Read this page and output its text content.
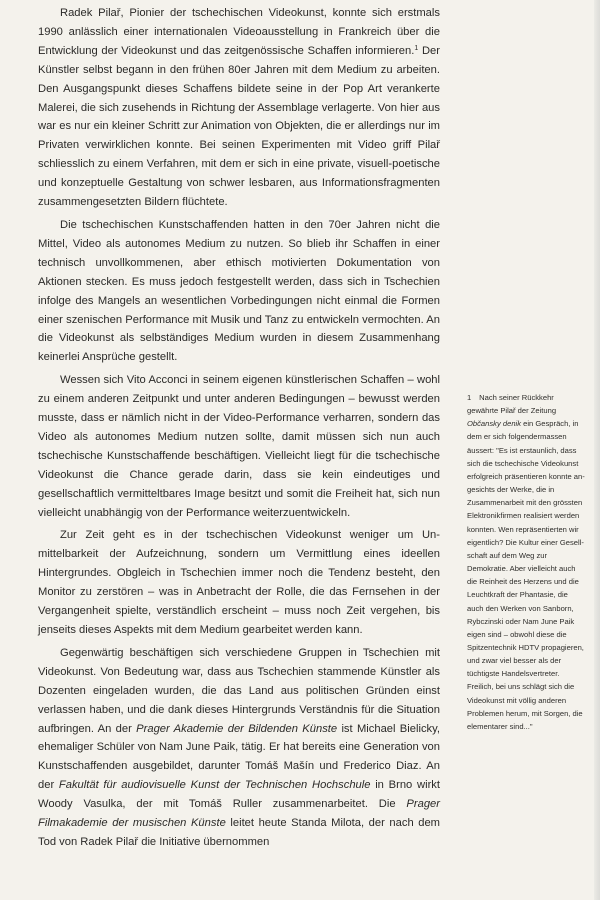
Radek Pilař, Pionier der tschechischen Videokunst, konnte sich erstmals 1990 anlässlich einer internationalen Videoausstellung in Frankreich über die Entwicklung der Videokunst und das zeitgenössische Schaffen informieren.$^1$ Der Künstler selbst begann in den frühen 80er Jahren mit dem Medium zu arbeiten. Den Ausgangspunkt dieses Schaffens bildete seine in der Pop Art verankerte Malerei, die sich zusehends in Richtung der Assemblage verlagerte. Von hier aus war es nur ein kleiner Schritt zur Animation von Objekten, die er allerdings nur im Privaten verwirklichen konnte. Bei seinen Experimenten mit Video griff Pilař schliesslich zu einem Verfahren, mit dem er sich in eine private, visuell-poetische und konzeptuelle Gestaltung von schwer lesbaren, aus Informationsfragmenten zusammengesetzten Bildern flüchtete.

Die tschechischen Kunstschaffenden hatten in den 70er Jahren nicht die Mittel, Video als autonomes Medium zu nutzen. So blieb ihr Schaffen in einer technisch unvollkommenen, aber ethisch motivierten Dokumentation von Aktionen stecken. Es muss jedoch festgestellt werden, dass sich in Tschechien infolge des Mangels an wesentlichen Vorbedingungen nicht einmal die Formen einer szenischen Performance mit Musik und Tanz zu entwickeln vermochten. An die Videokunst als selbständiges Medium wurden in diesem Zusammenhang keinerlei Ansprüche gestellt.

Wessen sich Vito Acconci in seinem eigenen künstlerischen Schaffen – wohl zu einem anderen Zeitpunkt und unter anderen Bedingungen – bewusst werden musste, dass er nämlich nicht in der Video-Performance verharren, sondern das Video als autonomes Medium nutzen sollte, damit müssen sich nun auch tschechische Kunstschaffende beschäftigen. Vielleicht liegt für die tschechische Videokunst die Chance gerade darin, dass sie kein eindeutiges und gesellschaftlich vermitteltbares Image besitzt und somit die Freiheit hat, sich nun vielleicht unabhängig von der Performance weiterzuentwickeln.

Zur Zeit geht es in der tschechischen Videokunst weniger um Unmittelbarkeit der Aufzeichnung, sondern um Vermittlung eines ideellen Hintergrundes. Obgleich in Tschechien immer noch die Tendenz besteht, den Monitor zu zerstören – was in Anbetracht der Rolle, die das Fernsehen in der Vergangenheit spielte, verständlich erscheint – muss noch Zeit vergehen, bis jenseits dieses Aspekts mit dem Medium gearbeitet werden kann.

Gegenwärtig beschäftigen sich verschiedene Gruppen in Tschechien mit Videokunst. Von Bedeutung war, dass aus Tschechien stammende Künstler als Dozenten eingeladen wurden, die das Land aus politischen Gründen einst verlassen haben, und die dank dieses Hintergrunds Verständnis für die Situation aufbringen. An der Prager Akademie der Bildenden Künste ist Michael Bielicky, ehemaliger Schüler von Nam June Paik, tätig. Er hat bereits eine Generation von Kunstschaffenden ausgebildet, darunter Tomáš Mašín und Frederico Diaz. An der Fakultät für audiovisuelle Kunst der Technischen Hochschule in Brno wirkt Woody Vasulka, der mit Tomáš Ruller zusammenarbeitet. Die Prager Filmakademie der musischen Künste leitet heute Standa Milota, der nach dem Tod von Radek Pilař die Initiative übernommen

1 Nach seiner Rückkehr gewährte Pilař der Zeitung Občansky denik ein Gespräch, in dem er sich folgendermassen äussert: "Es ist erstaunlich, dass sich die tschechische Videokunst erfolgreich präsentieren konnte angesichts der Werke, die in Zusammenarbeit mit den grössten Elektronikfirmen realisiert werden konnten. Wen repräsentierten wir eigentlich? Die Kultur einer Gesellschaft auf dem Weg zur Demokratie. Aber vielleicht auch die Reinheit des Herzens und die Leuchtkraft der Phantasie, die auch den Werken von Sanborn, Rybczinski oder Nam June Paik eigen sind – obwohl diese die Spitzentechnik HDTV propagieren, und zwar viel besser als der tüchtigste Handelsvertreter. Freilich, bei uns schlägt sich die Videokunst mit völlig anderen Problemen herum, mit Sorgen, die elementarer sind..."
